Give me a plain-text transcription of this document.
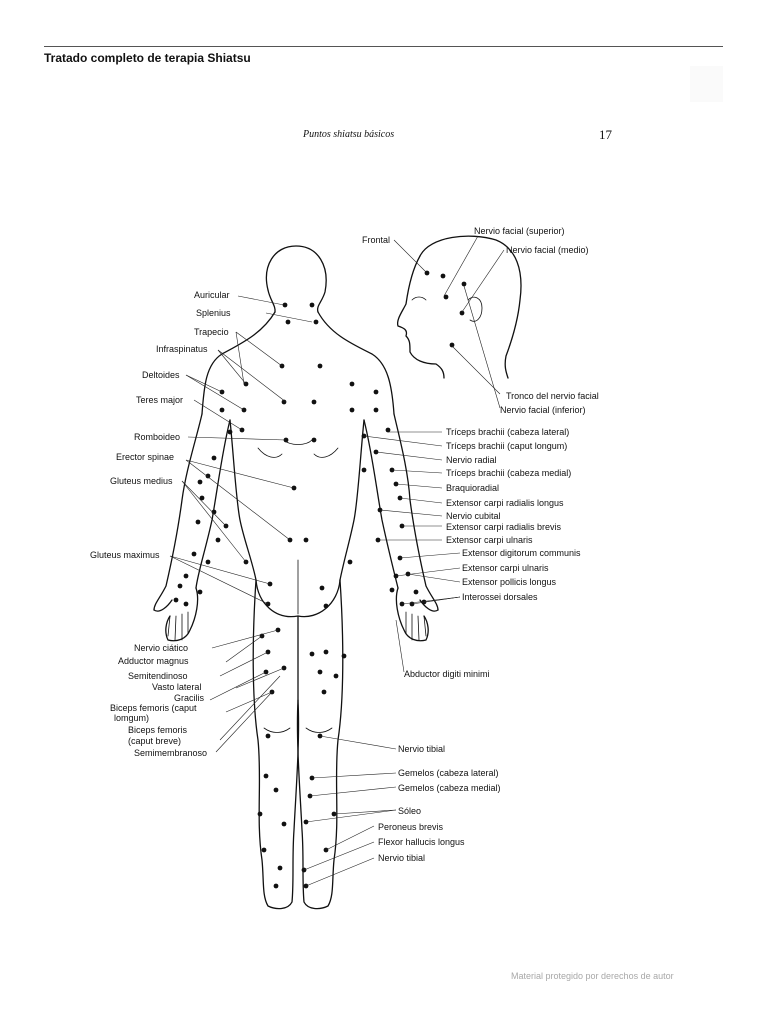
Tratado completo de terapia Shiatsu
Puntos shiatsu básicos	17
Frontal
Nervio facial (superior)
Nervio facial (medio)
Tronco del nervio facial
Nervio facial (inferior)
Auricular
Splenius
Trapecio
Infraspinatus
Deltoides
Teres major
Romboideo
Erector spinae
Gluteus medius
Gluteus maximus
Nervio ciático
Adductor magnus
Semitendinoso
Vasto lateral
Gracilis
Biceps femoris (caput
lomgum)
Biceps femoris
(caput breve)
Semimembranoso
Tríceps brachii (cabeza lateral)
Tríceps brachii (caput longum)
Nervio radial
Tríceps brachii (cabeza medial)
Braquioradial
Extensor carpi radialis longus
Nervio cubital
Extensor carpi radialis brevis
Extensor carpi ulnaris
Extensor digitorum communis
Extensor carpi ulnaris
Extensor pollicis longus
Interossei dorsales
Abductor digiti minimi
Nervio tibial
Gemelos (cabeza lateral)
Gemelos (cabeza medial)
Sóleo
Peroneus brevis
Flexor hallucis longus
Nervio tibial
Material protegido por derechos de autor
